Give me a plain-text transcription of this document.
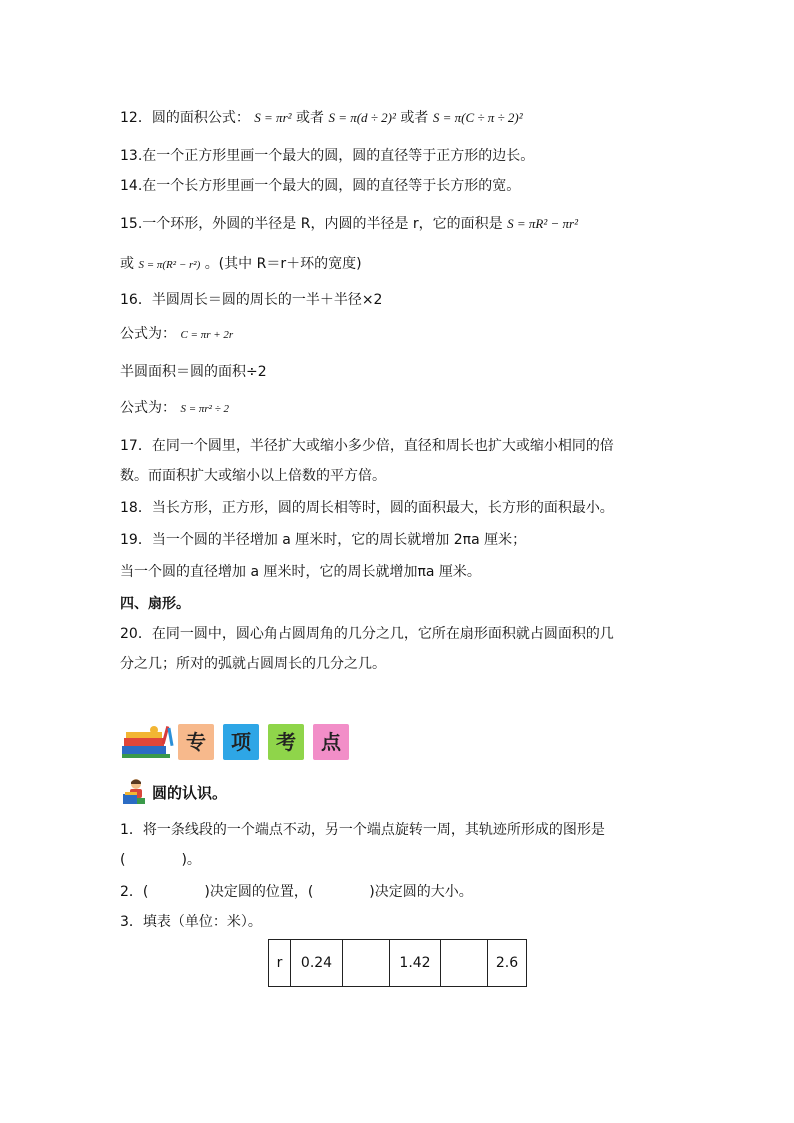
12．圆的面积公式： S = πr² 或者 S = π(d ÷ 2)² 或者 S = π(C ÷ π ÷ 2)²
13.在一个正方形里画一个最大的圆，圆的直径等于正方形的边长。
14.在一个长方形里画一个最大的圆，圆的直径等于长方形的宽。
15.一个环形，外圆的半径是 R，内圆的半径是 r，它的面积是 S = πR² − πr²
或 S = π(R² − r²) 。(其中 R＝r＋环的宽度)
16．半圆周长＝圆的周长的一半＋半径×2
公式为： C = πr + 2r
半圆面积＝圆的面积÷2
公式为： S = πr² ÷ 2
17．在同一个圆里，半径扩大或缩小多少倍，直径和周长也扩大或缩小相同的倍
数。而面积扩大或缩小以上倍数的平方倍。
18．当长方形，正方形，圆的周长相等时，圆的面积最大，长方形的面积最小。
19．当一个圆的半径增加 a 厘米时，它的周长就增加 2πa 厘米；
当一个圆的直径增加 a 厘米时，它的周长就增加πa 厘米。
四、扇形。
20．在同一圆中，圆心角占圆周角的几分之几，它所在扇形面积就占圆面积的几
分之几；所对的弧就占圆周长的几分之几。
专	项	考	点
圆的认识。
1．将一条线段的一个端点不动，另一个端点旋转一周，其轨迹所形成的图形是
(　　　　)。
2．(　　　　)决定圆的位置，(　　　　)决定圆的大小。
3．填表（单位：米）。
r	0.24		1.42		2.6
